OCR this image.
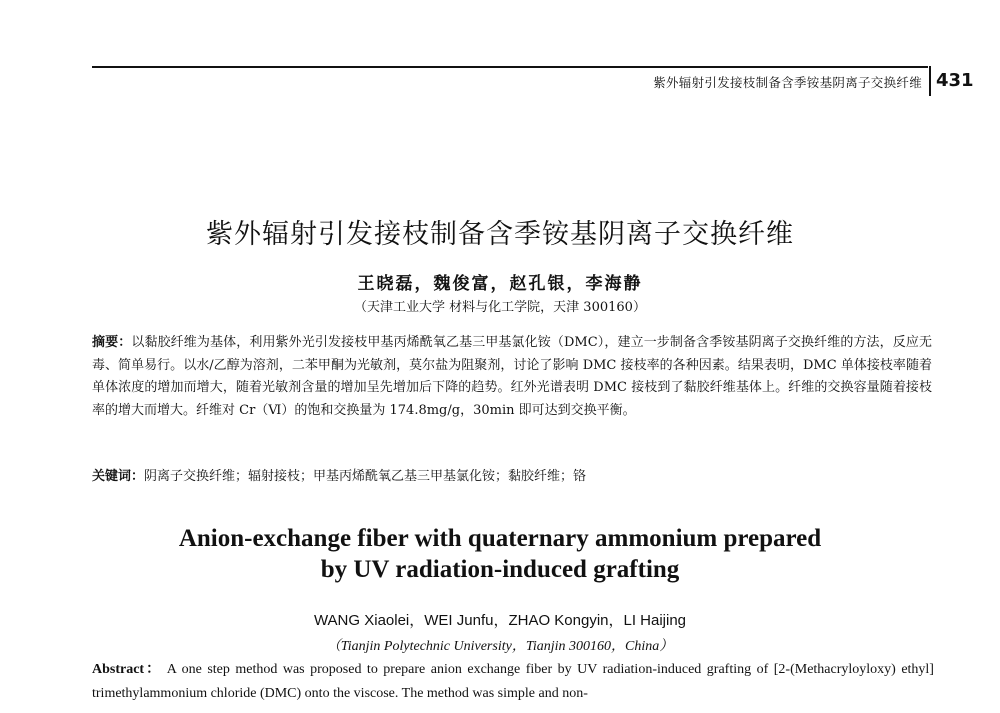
紫外辐射引发接枝制备含季铵基阴离子交换纤维 431
紫外辐射引发接枝制备含季铵基阴离子交换纤维
王晓磊，魏俊富，赵孔银，李海静
（天津工业大学 材料与化工学院，天津 300160）

摘要：以黏胶纤维为基体，利用紫外光引发接枝甲基丙烯酰氧乙基三甲基氯化铵（DMC），建立一步制备含季铵基阴离子交换纤维的方法，反应无毒、简单易行。以水/乙醇为溶剂，二苯甲酮为光敏剂，莫尔盐为阻聚剂，讨论了影响 DMC 接枝率的各种因素。结果表明，DMC 单体接枝率随着单体浓度的增加而增大，随着光敏剂含量的增加呈先增加后下降的趋势。红外光谱表明 DMC 接枝到了黏胶纤维基体上。纤维的交换容量随着接枝率的增大而增大。纤维对 Cr（Ⅵ）的饱和交换量为 174.8mg/g，30min 即可达到交换平衡。

关键词：阴离子交换纤维；辐射接枝；甲基丙烯酰氧乙基三甲基氯化铵；黏胶纤维；铬
Anion-exchange fiber with quaternary ammonium prepared
by UV radiation-induced grafting
WANG Xiaolei，WEI Junfu，ZHAO Kongyin，LI Haijing
（Tianjin Polytechnic University，Tianjin 300160，China）
Abstract： A one step method was proposed to prepare anion exchange fiber by UV radiation-induced grafting of [2-(Methacryloyloxy) ethyl] trimethylammonium chloride (DMC) onto the viscose. The method was simple and non-
